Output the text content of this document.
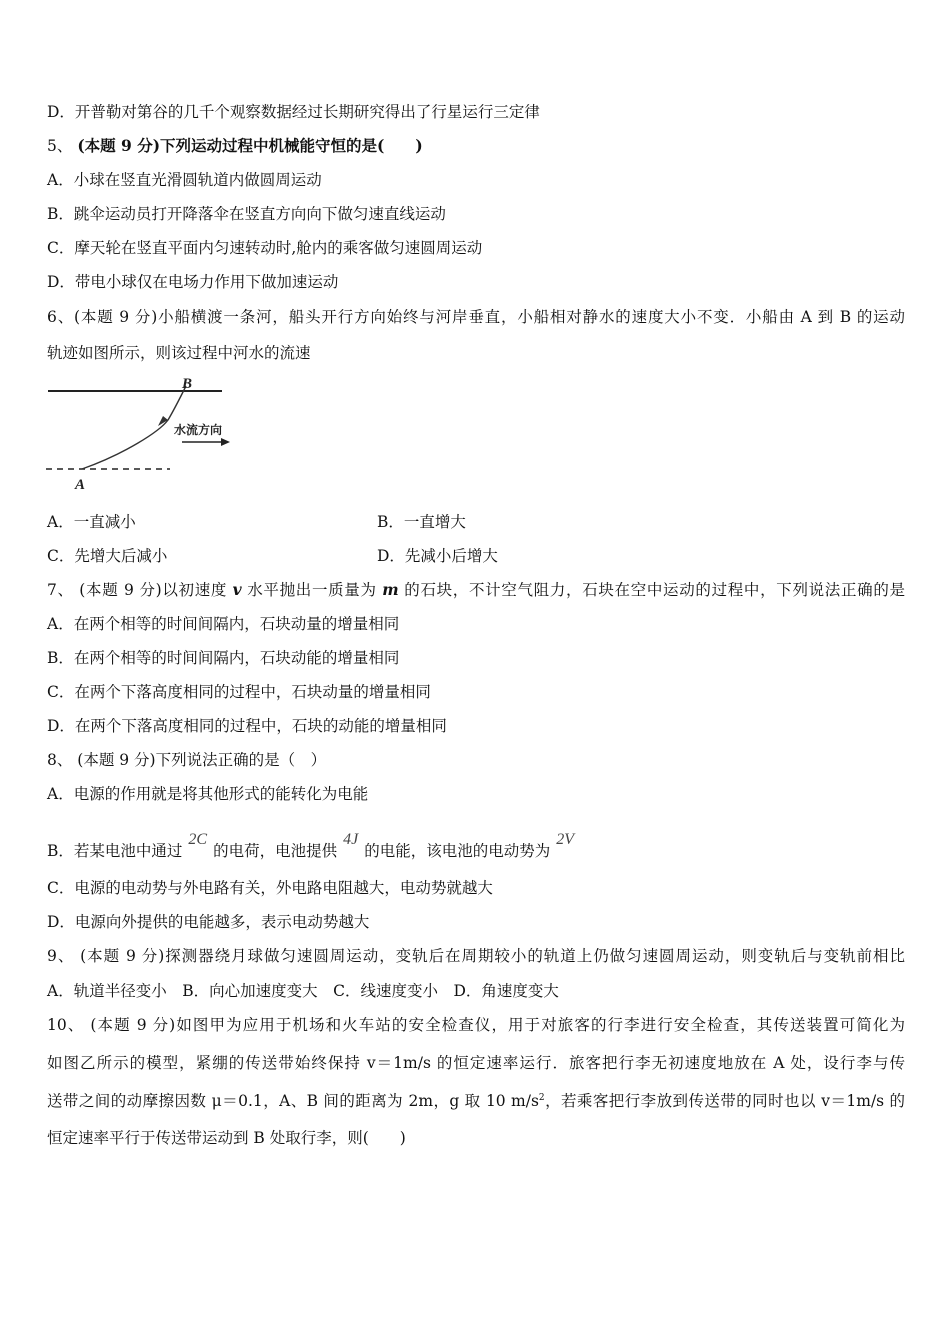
D．开普勒对第谷的几千个观察数据经过长期研究得出了行星运行三定律
5、 (本题 9 分)下列运动过程中机械能守恒的是(　　)
A．小球在竖直光滑圆轨道内做圆周运动
B．跳伞运动员打开降落伞在竖直方向向下做匀速直线运动
C．摩天轮在竖直平面内匀速转动时,舱内的乘客做匀速圆周运动
D．带电小球仅在电场力作用下做加速运动
6、(本题 9 分)小船横渡一条河，船头开行方向始终与河岸垂直，小船相对静水的速度大小不变．小船由 A 到 B 的运动
轨迹如图所示，则该过程中河水的流速
B
A
水流方向
A．一直减小	B．一直增大
C．先增大后减小	D．先减小后增大
7、 (本题 9 分)以初速度 v 水平抛出一质量为 m 的石块，不计空气阻力，石块在空中运动的过程中，下列说法正确的是
A．在两个相等的时间间隔内，石块动量的增量相同
B．在两个相等的时间间隔内，石块动能的增量相同
C．在两个下落高度相同的过程中，石块动量的增量相同
D．在两个下落高度相同的过程中，石块的动能的增量相同
8、 (本题 9 分)下列说法正确的是（　）
A．电源的作用就是将其他形式的能转化为电能
B．若某电池中通过2C的电荷，电池提供4J的电能，该电池的电动势为2V
C．电源的电动势与外电路有关，外电路电阻越大，电动势就越大
D．电源向外提供的电能越多，表示电动势越大
9、 (本题 9 分)探测器绕月球做匀速圆周运动，变轨后在周期较小的轨道上仍做匀速圆周运动，则变轨后与变轨前相比
A．轨道半径变小　B．向心加速度变大　C．线速度变小　D．角速度变大
10、 (本题 9 分)如图甲为应用于机场和火车站的安全检查仪，用于对旅客的行李进行安全检查，其传送装置可简化为
如图乙所示的模型，紧绷的传送带始终保持 v＝1m/s 的恒定速率运行．旅客把行李无初速度地放在 A 处，设行李与传
送带之间的动摩擦因数 μ＝0.1，A、B 间的距离为 2m，g 取 10 $m/s^2$，若乘客把行李放到传送带的同时也以 v＝1m/s 的
恒定速率平行于传送带运动到 B 处取行李，则(　　)
